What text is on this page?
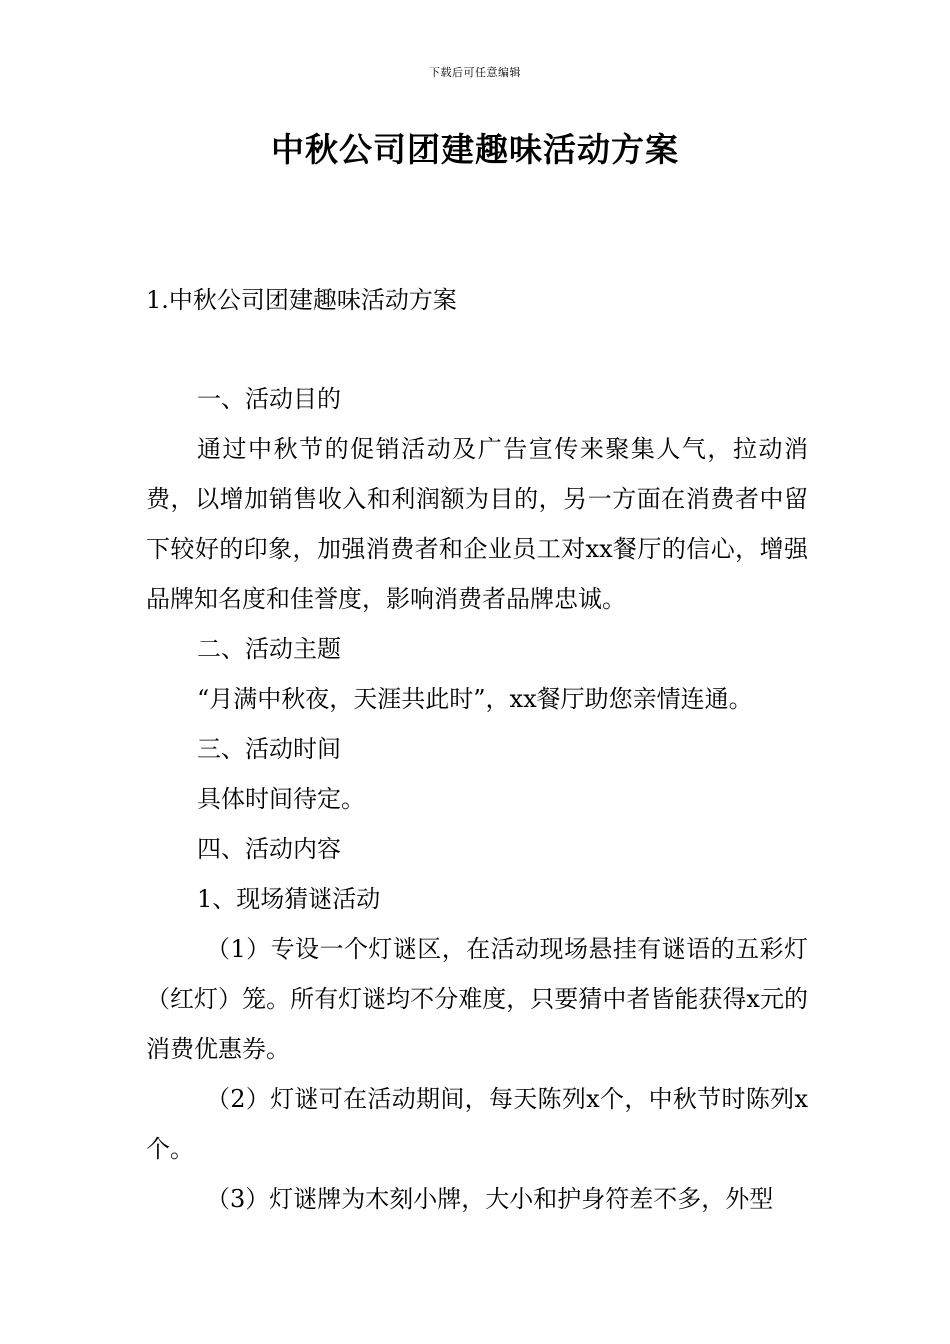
下载后可任意编辑
中秋公司团建趣味活动方案
1.中秋公司团建趣味活动方案

一、活动目的

通过中秋节的促销活动及广告宣传来聚集人气，拉动消费，以增加销售收入和利润额为目的，另一方面在消费者中留下较好的印象，加强消费者和企业员工对xx餐厅的信心，增强品牌知名度和佳誉度，影响消费者品牌忠诚。

二、活动主题

“月满中秋夜，天涯共此时”，xx餐厅助您亲情连通。

三、活动时间

具体时间待定。

四、活动内容

1、现场猜谜活动

（1）专设一个灯谜区，在活动现场悬挂有谜语的五彩灯（红灯）笼。所有灯谜均不分难度，只要猜中者皆能获得x元的消费优惠券。

（2）灯谜可在活动期间，每天陈列x个，中秋节时陈列x个。

（3）灯谜牌为木刻小牌，大小和护身符差不多，外型
